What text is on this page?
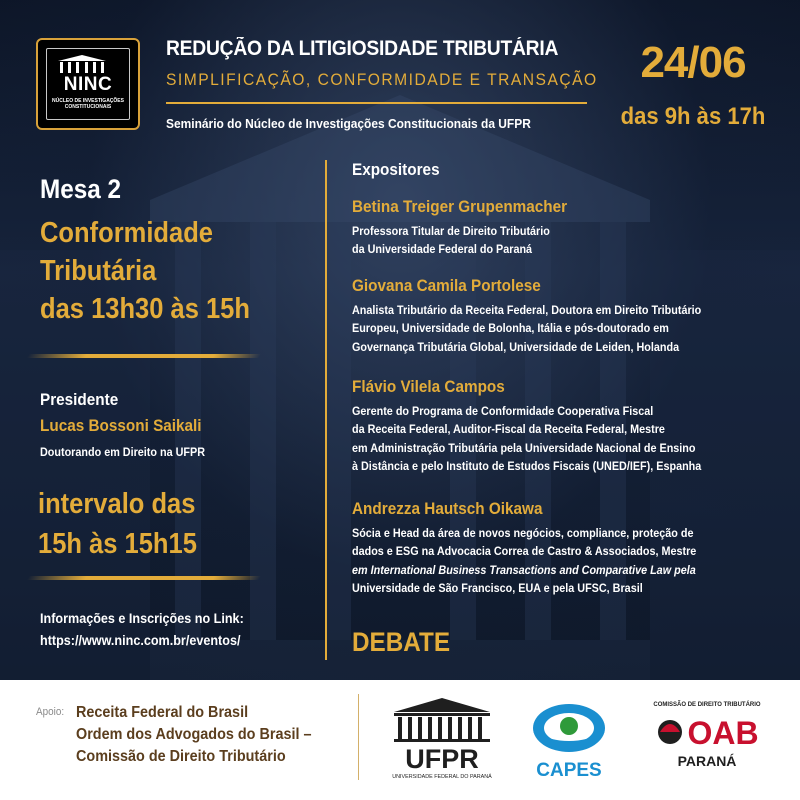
NINC
NÚCLEO DE INVESTIGAÇÕES
CONSTITUCIONAIS
REDUÇÃO DA LITIGIOSIDADE TRIBUTÁRIA
SIMPLIFICAÇÃO, CONFORMIDADE E TRANSAÇÃO
Seminário do Núcleo de Investigações Constitucionais da UFPR
24/06
das 9h às 17h
Mesa 2
Conformidade
Tributária
das 13h30 às 15h
Presidente
Lucas Bossoni Saikali
Doutorando em Direito na UFPR
intervalo das
15h às 15h15
Informações e Inscrições no Link:
https://www.ninc.com.br/eventos/
Expositores
Betina Treiger Grupenmacher
Professora Titular de Direito Tributário
da Universidade Federal do Paraná
Giovana Camila Portolese
Analista Tributário da Receita Federal, Doutora em Direito Tributário
Europeu, Universidade de Bolonha, Itália e pós-doutorado em
Governança Tributária Global, Universidade de Leiden, Holanda
Flávio Vilela Campos
Gerente do Programa de Conformidade Cooperativa Fiscal
da Receita Federal, Auditor-Fiscal da Receita Federal, Mestre
em Administração Tributária pela Universidade Nacional de Ensino
à Distância e pelo Instituto de Estudos Fiscais (UNED/IEF), Espanha
Andrezza Hautsch Oikawa
Sócia e Head da área de novos negócios, compliance, proteção de
dados e ESG na Advocacia Correa de Castro & Associados, Mestre
em International Business Transactions and Comparative Law pela
Universidade de São Francisco, EUA e pela UFSC, Brasil
DEBATE
Apoio: Receita Federal do Brasil
Ordem dos Advogados do Brasil –
Comissão de Direito Tributário	UFPR
UNIVERSIDADE FEDERAL DO PARANÁ CAPES
COMISSÃO DE DIREITO TRIBUTÁRIO
OAB
PARANÁ
